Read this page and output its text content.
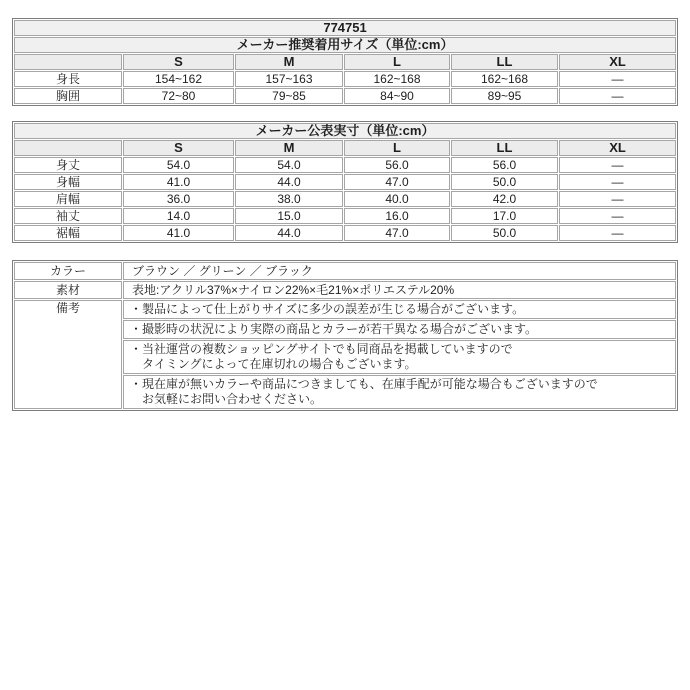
774751					
メーカー推奨着用サイズ（単位:cm）					
	S	M	L	LL	XL
身長	154~162	157~163	162~168	162~168	―
胸囲	72~80	79~85	84~90	89~95	―
メーカー公表実寸（単位:cm）					
	S	M	L	LL	XL
身丈	54.0	54.0	56.0	56.0	―
身幅	41.0	44.0	47.0	50.0	―
肩幅	36.0	38.0	40.0	42.0	―
袖丈	14.0	15.0	16.0	17.0	―
裾幅	41.0	44.0	47.0	50.0	―
カラー	ブラウン ／ グリーン ／ ブラック
素材	表地:アクリル37%×ナイロン22%×毛21%×ポリエステル20%
備考	・製品によって仕上がりサイズに多少の誤差が生じる場合がございます。

	・撮影時の状況により実際の商品とカラーが若干異なる場合がございます。

	・当社運営の複数ショッピングサイトでも同商品を掲載していますので
タイミングによって在庫切れの場合もございます。

	・現在庫が無いカラーや商品につきましても、在庫手配が可能な場合もございますので
お気軽にお問い合わせください。
